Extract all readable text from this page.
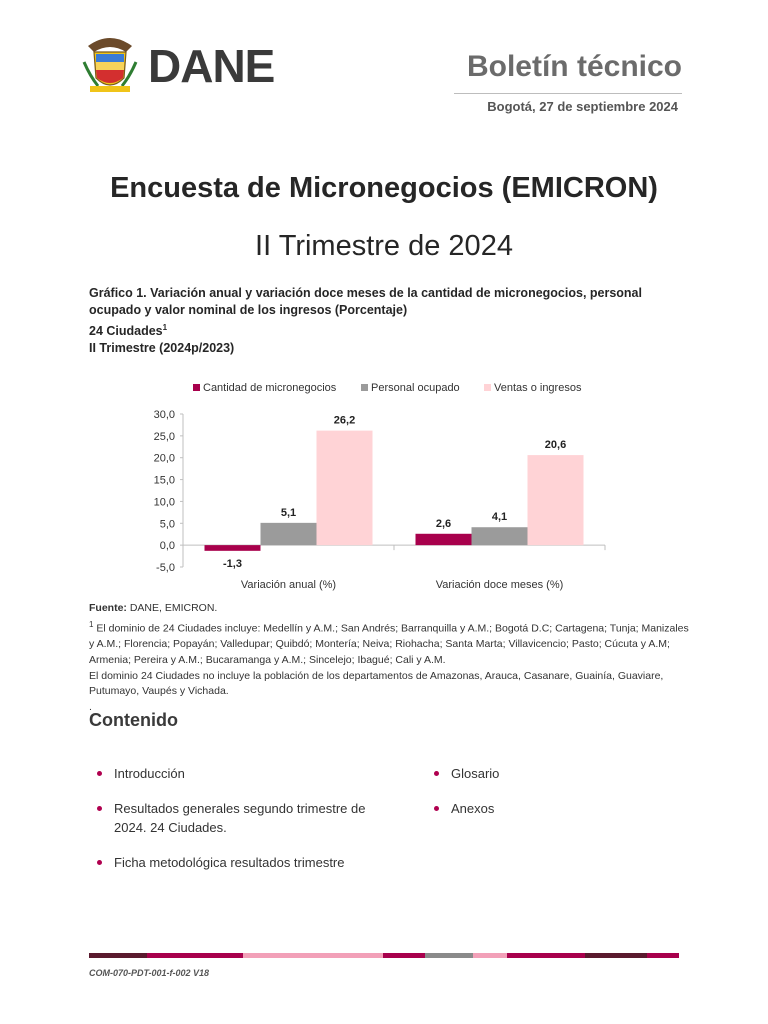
DANE	Boletín técnico
Bogotá, 27 de septiembre 2024
Encuesta de Micronegocios (EMICRON)
II Trimestre de 2024
Gráfico 1. Variación anual y variación doce meses de la cantidad de micronegocios, personal
ocupado y valor nominal de los ingresos (Porcentaje)
24 Ciudades$^1$
II Trimestre (2024p/2023)
Cantidad de micronegocios	Personal ocupado	Ventas o ingresos
30,0
25,0
20,0
15,0
10,0
5,0
0,0
-5,0	-1,3
5,1
26,2
Variación anual (%)
2,6
4,1
20,6
Variación doce meses (%)
Fuente: DANE, EMICRON.
$^1$ El dominio de 24 Ciudades incluye: Medellín y A.M.; San Andrés; Barranquilla y A.M.; Bogotá D.C; Cartagena; Tunja; Manizales y A.M.; Florencia; Popayán; Valledupar; Quibdó; Montería; Neiva; Riohacha; Santa Marta; Villavicencio; Pasto; Cúcuta y A.M; Armenia; Pereira y A.M.; Bucaramanga y A.M.; Sincelejo; Ibagué; Cali y A.M.
El dominio 24 Ciudades no incluye la población de los departamentos de Amazonas, Arauca, Casanare, Guainía, Guaviare, Putumayo, Vaupés y Vichada.
.
Contenido
Introducción
Resultados generales segundo trimestre de 2024. 24 Ciudades.
Ficha metodológica resultados trimestre
Glosario
Anexos
COM-070-PDT-001-f-002 V18
